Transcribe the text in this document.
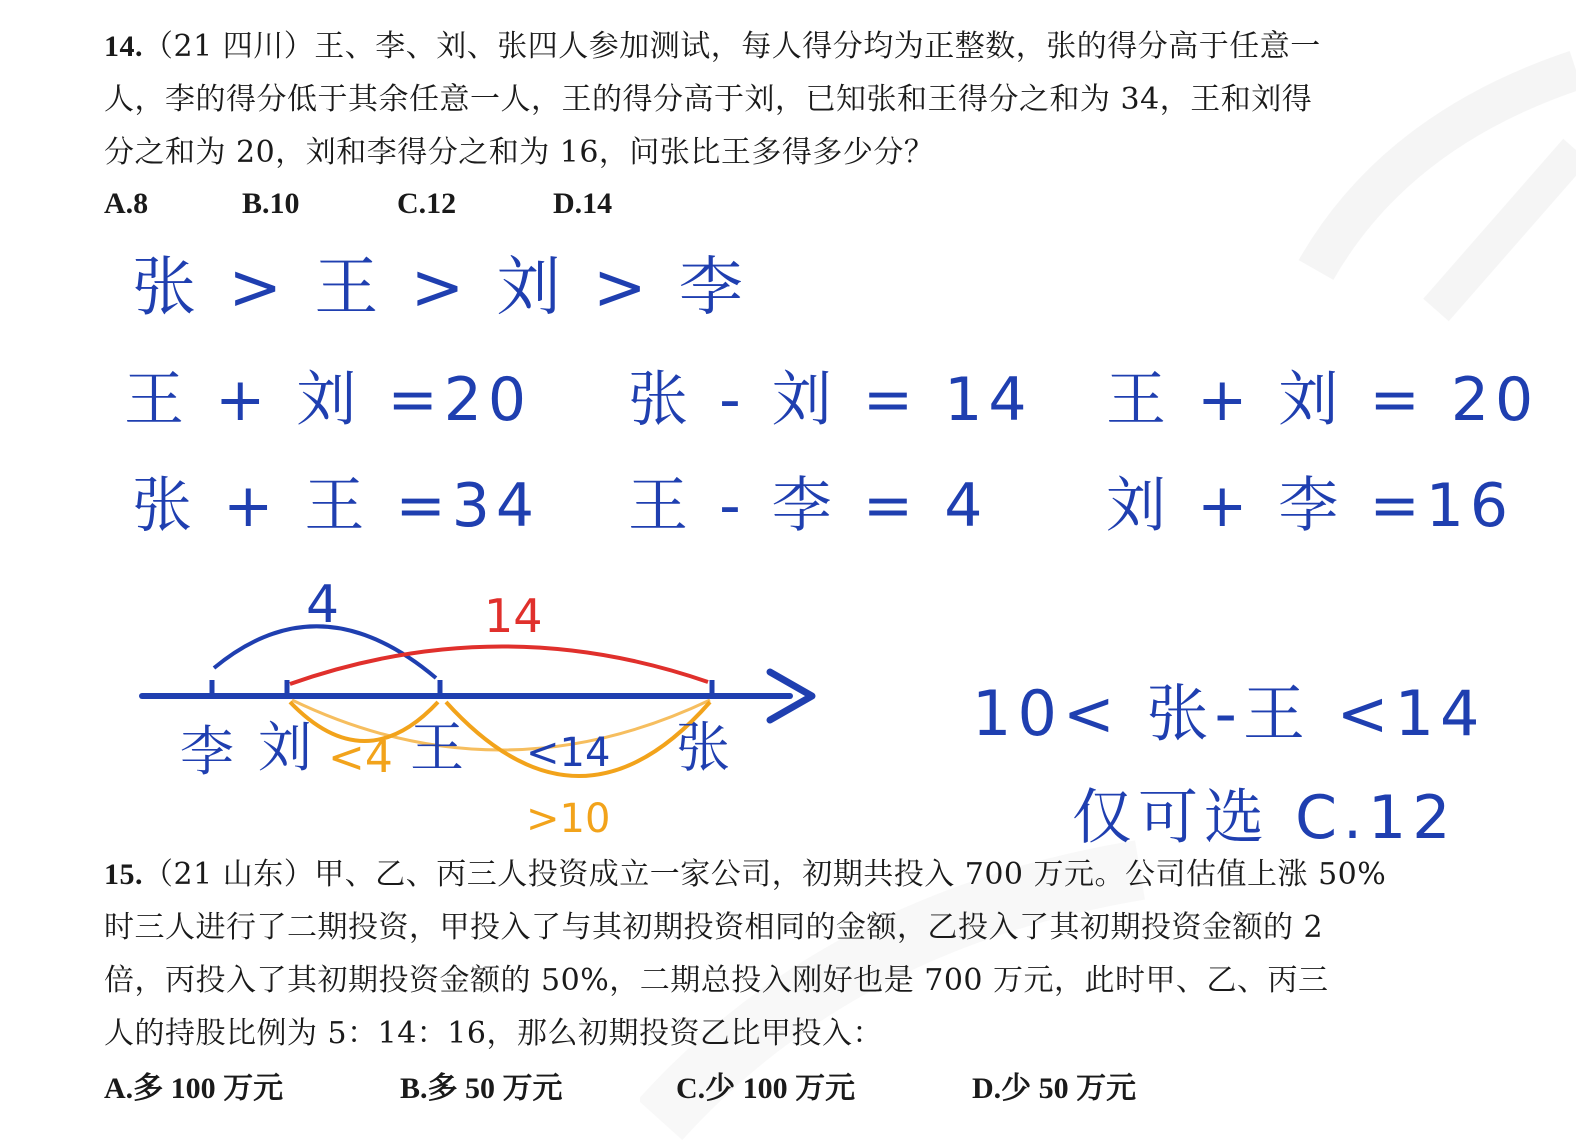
14.（21 四川）王、李、刘、张四人参加测试，每人得分均为正整数，张的得分高于任意一
人，李的得分低于其余任意一人，王的得分高于刘，已知张和王得分之和为 34，王和刘得
分之和为 20，刘和李得分之和为 16，问张比王多得多少分？
A.8	B.10	C.12	D.14
张 > 王 > 刘 > 李
王 + 刘 =20
张 + 王 =34
张 - 刘 = 14
王 - 李 = 4
王 + 刘 = 20
刘 + 李 =16
4	14
李 刘 <4 王 <14 张
>10
10< 张-王 <14
仅可选 C.12
15.（21 山东）甲、乙、丙三人投资成立一家公司，初期共投入 700 万元。公司估值上涨 50%
时三人进行了二期投资，甲投入了与其初期投资相同的金额，乙投入了其初期投资金额的 2
倍，丙投入了其初期投资金额的 50%，二期总投入刚好也是 700 万元，此时甲、乙、丙三
人的持股比例为 5：14：16，那么初期投资乙比甲投入：
A.多 100 万元	B.多 50 万元	C.少 100 万元	D.少 50 万元
